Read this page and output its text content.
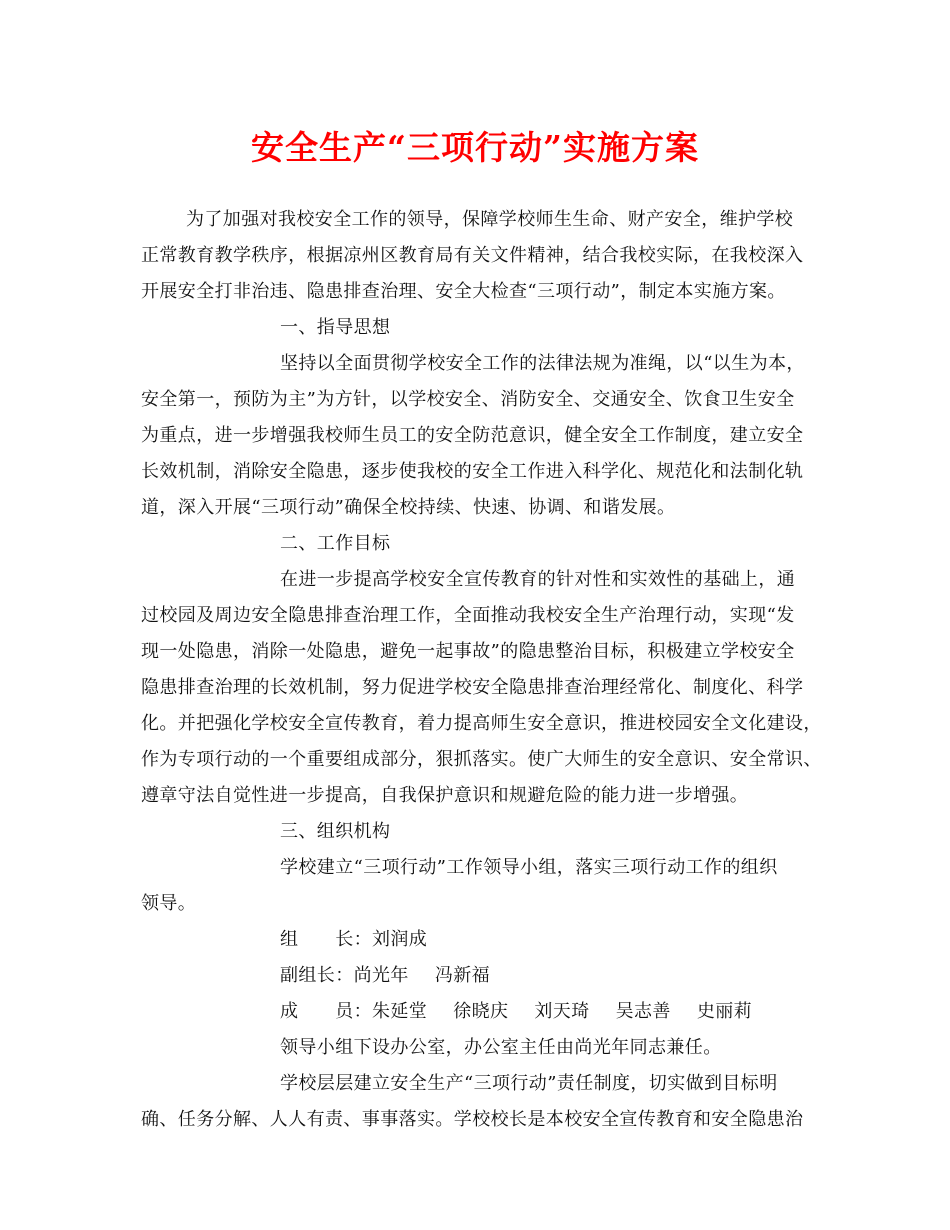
安全生产“三项行动”实施方案
为了加强对我校安全工作的领导，保障学校师生生命、财产安全，维护学校
正常教育教学秩序，根据凉州区教育局有关文件精神，结合我校实际，在我校深入
开展安全打非治违、隐患排查治理、安全大检查“三项行动”，制定本实施方案。
一、指导思想
坚持以全面贯彻学校安全工作的法律法规为准绳，以“以生为本，
安全第一，预防为主”为方针，以学校安全、消防安全、交通安全、饮食卫生安全
为重点，进一步增强我校师生员工的安全防范意识，健全安全工作制度，建立安全
长效机制，消除安全隐患，逐步使我校的安全工作进入科学化、规范化和法制化轨
道，深入开展“三项行动”确保全校持续、快速、协调、和谐发展。
二、工作目标
在进一步提高学校安全宣传教育的针对性和实效性的基础上，通
过校园及周边安全隐患排查治理工作，全面推动我校安全生产治理行动，实现“发
现一处隐患，消除一处隐患，避免一起事故”的隐患整治目标，积极建立学校安全
隐患排查治理的长效机制，努力促进学校安全隐患排查治理经常化、制度化、科学
化。并把强化学校安全宣传教育，着力提高师生安全意识，推进校园安全文化建设，
作为专项行动的一个重要组成部分，狠抓落实。使广大师生的安全意识、安全常识、
遵章守法自觉性进一步提高，自我保护意识和规避危险的能力进一步增强。
三、组织机构
学校建立“三项行动”工作领导小组，落实三项行动工作的组织
领导。
组　　长：刘润成
副组长：尚光年 冯新福
成　　员：朱延堂 徐晓庆 刘天琦 吴志善 史丽莉
领导小组下设办公室，办公室主任由尚光年同志兼任。
学校层层建立安全生产“三项行动”责任制度，切实做到目标明
确、任务分解、人人有责、事事落实。学校校长是本校安全宣传教育和安全隐患治
